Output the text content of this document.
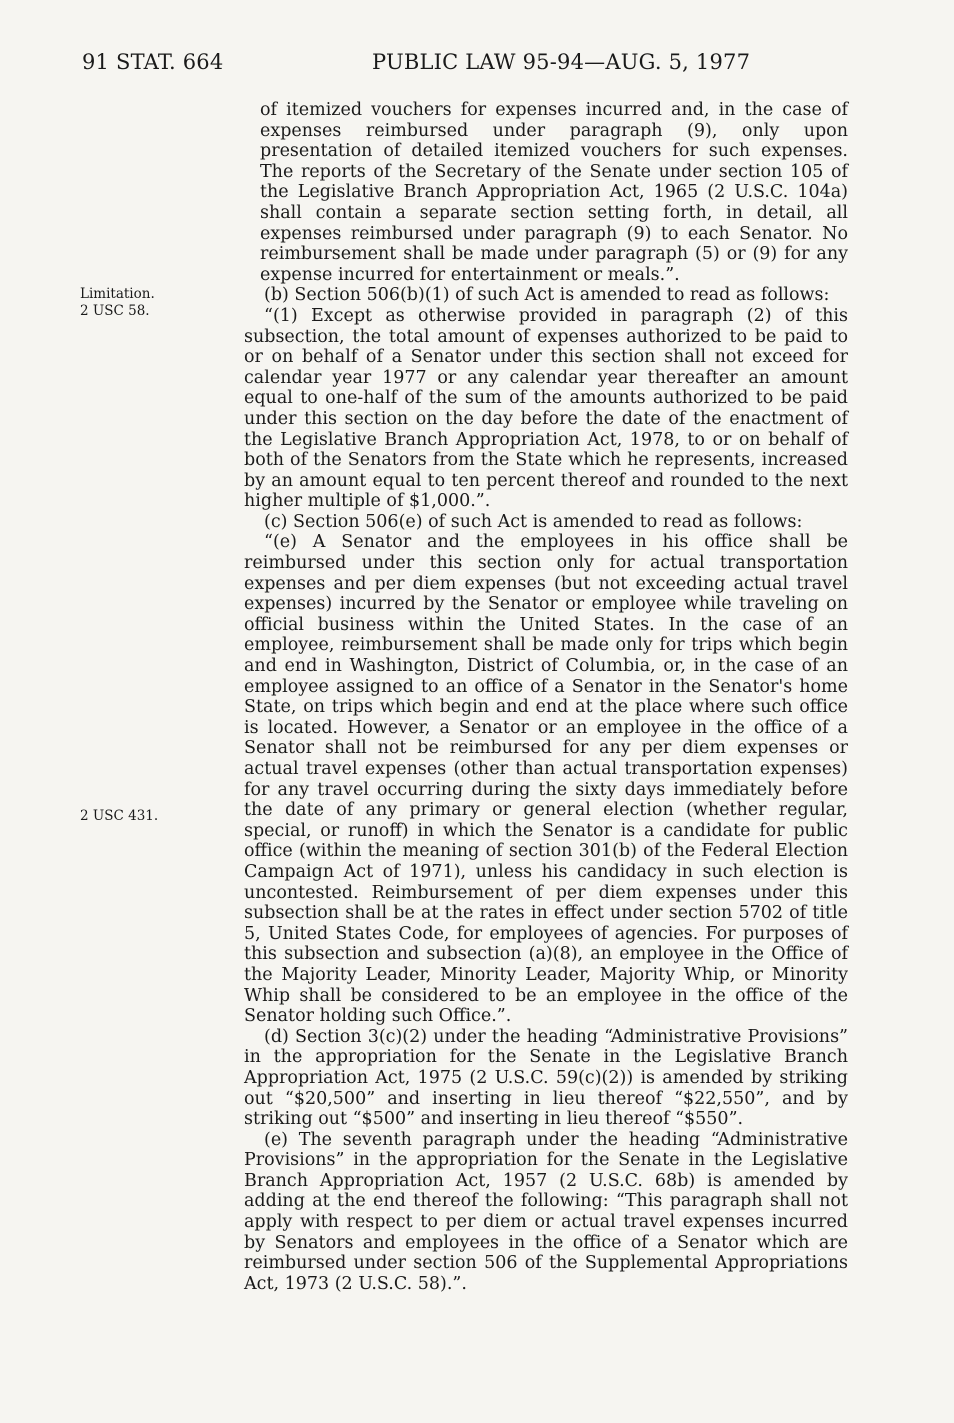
91 STAT. 664	PUBLIC LAW 95-94—AUG. 5, 1977
Limitation.
2 USC 58.
2 USC 431.

of itemized vouchers for expenses incurred and, in the case of expenses reimbursed under paragraph (9), only upon presentation of detailed itemized vouchers for such expenses. The reports of the Secretary of the Senate under section 105 of the Legislative Branch Appropriation Act, 1965 (2 U.S.C. 104a) shall contain a separate section setting forth, in detail, all expenses reimbursed under paragraph (9) to each Senator. No reimbursement shall be made under paragraph (5) or (9) for any expense incurred for entertainment or meals.”.

(b) Section 506(b)(1) of such Act is amended to read as follows:

“(1) Except as otherwise provided in paragraph (2) of this subsection, the total amount of expenses authorized to be paid to or on behalf of a Senator under this section shall not exceed for calendar year 1977 or any calendar year thereafter an amount equal to one-half of the sum of the amounts authorized to be paid under this section on the day before the date of the enactment of the Legislative Branch Appropriation Act, 1978, to or on behalf of both of the Senators from the State which he represents, increased by an amount equal to ten percent thereof and rounded to the next higher multiple of $1,000.”.

(c) Section 506(e) of such Act is amended to read as follows:

“(e) A Senator and the employees in his office shall be reimbursed under this section only for actual transportation expenses and per diem expenses (but not exceeding actual travel expenses) incurred by the Senator or employee while traveling on official business within the United States. In the case of an employee, reimbursement shall be made only for trips which begin and end in Washington, District of Columbia, or, in the case of an employee assigned to an office of a Senator in the Senator's home State, on trips which begin and end at the place where such office is located. However, a Senator or an employee in the office of a Senator shall not be reimbursed for any per diem expenses or actual travel expenses (other than actual transportation expenses) for any travel occurring during the sixty days immediately before the date of any primary or general election (whether regular, special, or runoff) in which the Senator is a candidate for public office (within the meaning of section 301(b) of the Federal Election Campaign Act of 1971), unless his candidacy in such election is uncontested. Reimbursement of per diem expenses under this subsection shall be at the rates in effect under section 5702 of title 5, United States Code, for employees of agencies. For purposes of this subsection and subsection (a)(8), an employee in the Office of the Majority Leader, Minority Leader, Majority Whip, or Minority Whip shall be considered to be an employee in the office of the Senator holding such Office.”.

(d) Section 3(c)(2) under the heading “Administrative Provisions” in the appropriation for the Senate in the Legislative Branch Appropriation Act, 1975 (2 U.S.C. 59(c)(2)) is amended by striking out “$20,500” and inserting in lieu thereof “$22,550”, and by striking out “$500” and inserting in lieu thereof “$550”.

(e) The seventh paragraph under the heading “Administrative Provisions” in the appropriation for the Senate in the Legislative Branch Appropriation Act, 1957 (2 U.S.C. 68b) is amended by adding at the end thereof the following: “This paragraph shall not apply with respect to per diem or actual travel expenses incurred by Senators and employees in the office of a Senator which are reimbursed under section 506 of the Supplemental Appropriations Act, 1973 (2 U.S.C. 58).”.
